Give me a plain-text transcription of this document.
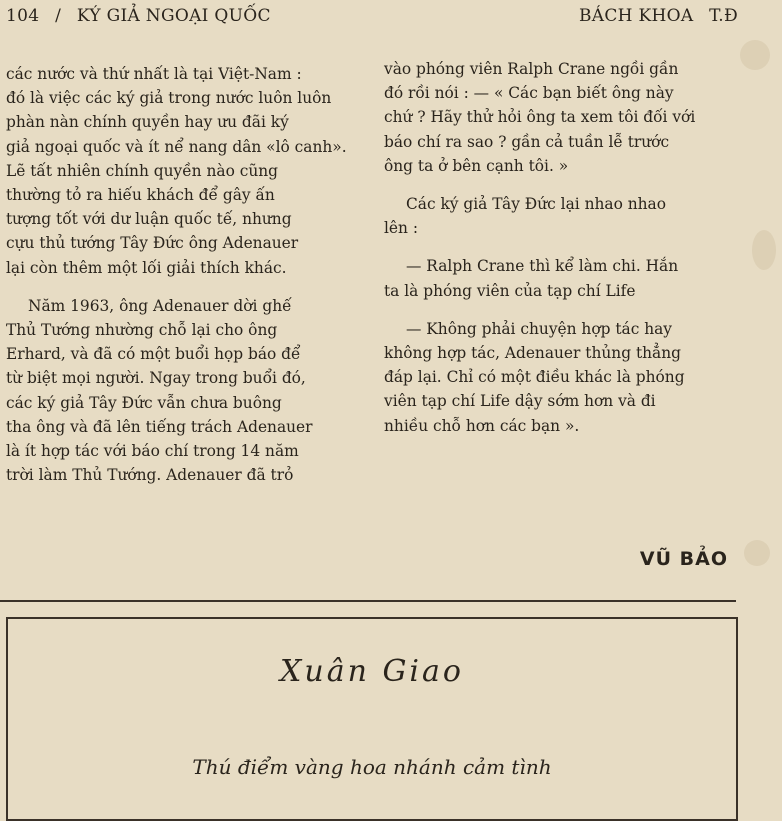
104 / KÝ GIẢ NGOẠI QUỐC	BÁCH KHOA T.Đ

các nước và thứ nhất là tại Việt-Nam :
đó là việc các ký giả trong nước luôn luôn
phàn nàn chính quyền hay ưu đãi ký
giả ngoại quốc và ít nể nang dân «lô canh».
Lẽ tất nhiên chính quyền nào cũng
thường tỏ ra hiếu khách để gây ấn
tượng tốt với dư luận quốc tế, nhưng
cựu thủ tướng Tây Đức ông Adenauer
lại còn thêm một lối giải thích khác.

Năm 1963, ông Adenauer dời ghế
Thủ Tướng nhường chỗ lại cho ông
Erhard, và đã có một buổi họp báo để
từ biệt mọi người. Ngay trong buổi đó,
các ký giả Tây Đức vẫn chưa buông
tha ông và đã lên tiếng trách Adenauer
là ít hợp tác với báo chí trong 14 năm
trời làm Thủ Tướng. Adenauer đã trỏ

vào phóng viên Ralph Crane ngồi gần
đó rồi nói : — « Các bạn biết ông này
chứ ? Hãy thử hỏi ông ta xem tôi đối với
báo chí ra sao ? gần cả tuần lễ trước
ông ta ở bên cạnh tôi. »

Các ký giả Tây Đức lại nhao nhao
lên :

— Ralph Crane thì kể làm chi. Hắn
ta là phóng viên của tạp chí Life

— Không phải chuyện hợp tác hay
không hợp tác, Adenauer thủng thẳng
đáp lại. Chỉ có một điều khác là phóng
viên tạp chí Life dậy sớm hơn và đi
nhiều chỗ hơn các bạn ».

VŨ BẢO
Xuân Giao
Thú điểm vàng hoa nhánh cảm tình
